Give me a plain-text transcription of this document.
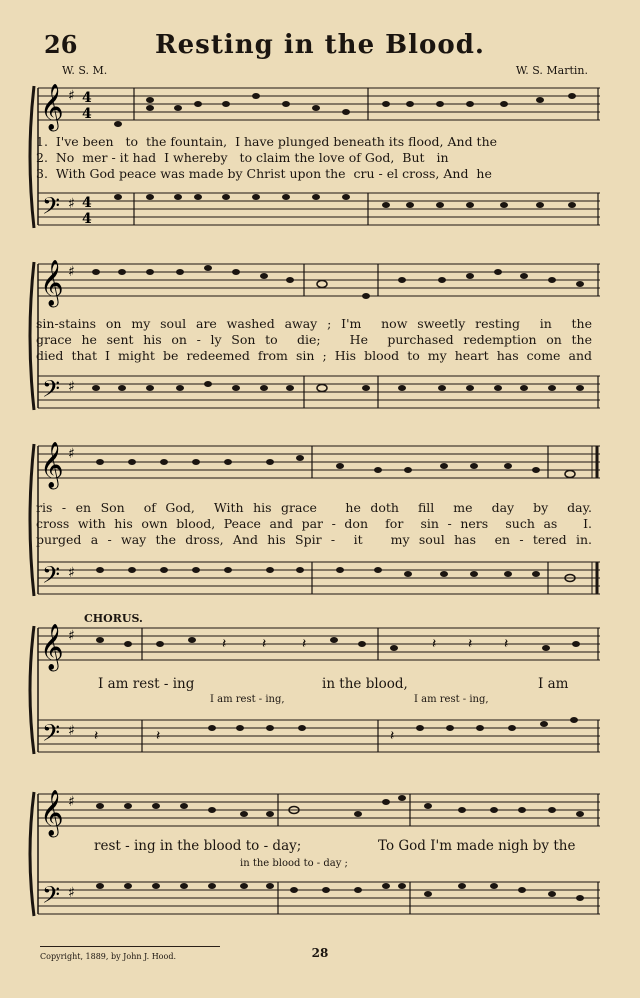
26	Resting in the Blood.
W. S. M.	W. S. Martin.
𝄞
𝄢
♯
♯
4
4
4
4
1.  I've been   to  the fountain,  I have plunged beneath its flood, And the
2.  No  mer - it had  I whereby   to claim the love of God,  But   in
3.  With God peace was made by Christ upon the  cru - el cross, And  he
𝄞
𝄢
♯
♯
sin-stains on my soul are washed away ; I'm  now sweetly resting  in  the
grace he sent his on - ly Son to  die;   He  purchased redemption on the
died that I might be redeemed from sin ; His blood to my heart has come and
𝄞
𝄢
♯
♯
ris - en Son  of God,  With his grace   he doth  fill  me  day  by  day.
cross with his own blood, Peace and par - don  for  sin - ners  such as   I.
purged a - way the dross, And his Spir -  it   my soul has  en - tered in.
CHORUS.
𝄞
𝄢
♯
♯
𝄽	𝄽	𝄽	𝄽 𝄽 𝄽
𝄽	𝄽	𝄽
I am rest - ing	in the blood,	I am
I am rest - ing,	I am rest - ing,
𝄞
𝄢
♯
♯
rest - ing in the blood to - day;	To God I'm made nigh by the
in the blood to - day ;
Copyright, 1889, by John J. Hood.	28
